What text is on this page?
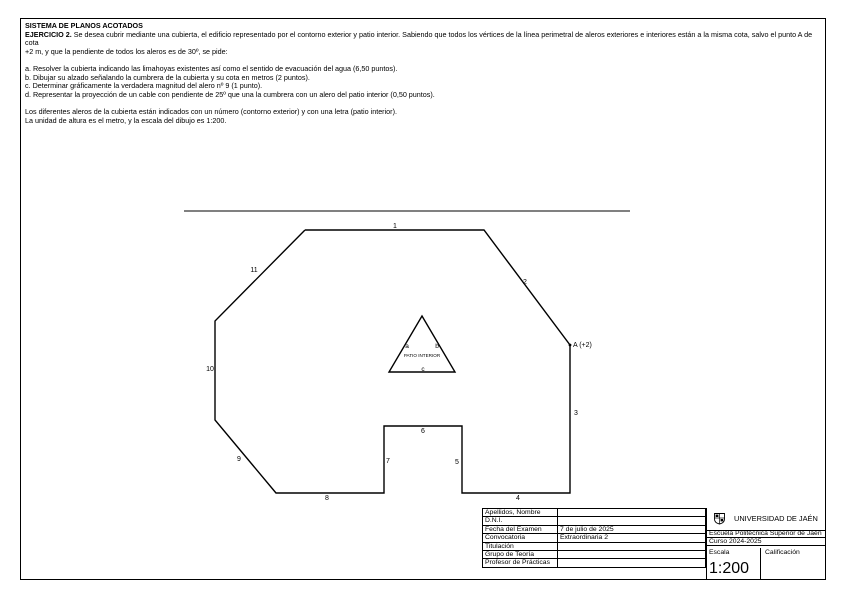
SISTEMA DE PLANOS ACOTADOS

EJERCICIO 2. Se desea cubrir mediante una cubierta, el edificio representado por el contorno exterior y patio interior. Sabiendo que todos los vértices de la línea perimetral de aleros exteriores e interiores están a la misma cota, salvo el punto A de cota

+2 m, y que la pendiente de todos los aleros es de 30º, se pide:

a. Resolver la cubierta indicando las limahoyas existentes así como el sentido de evacuación del agua (6,50 puntos).

b. Dibujar su alzado señalando la cumbrera de la cubierta y su cota en metros (2 puntos).

c. Determinar gráficamente la verdadera magnitud del alero nº 9 (1 punto).

d. Representar la proyección de un cable con pendiente de 25º que una la cumbrera con un alero del patio interior (0,50 puntos).

Los diferentes aleros de la cubierta están indicados con un número (contorno exterior) y con una letra (patio interior).

La unidad de altura es el metro, y la escala del dibujo es 1:200.

1
2
3
4
5
6
7
8
9
10
11
A (+2)
a	b
c
PATIO INTERIOR
Apellidos, Nombre	
D.N.I.	
Fecha del Examen	7 de julio de 2025
Convocatoria	Extraordinaria 2
Titulación	
Grupo de Teoría	
Profesor de Prácticas	
UNIVERSIDAD DE JAÉN
Escuela Politécnica Superior de Jaén
Curso 2024-2025
Escala
1:200
Calificación
